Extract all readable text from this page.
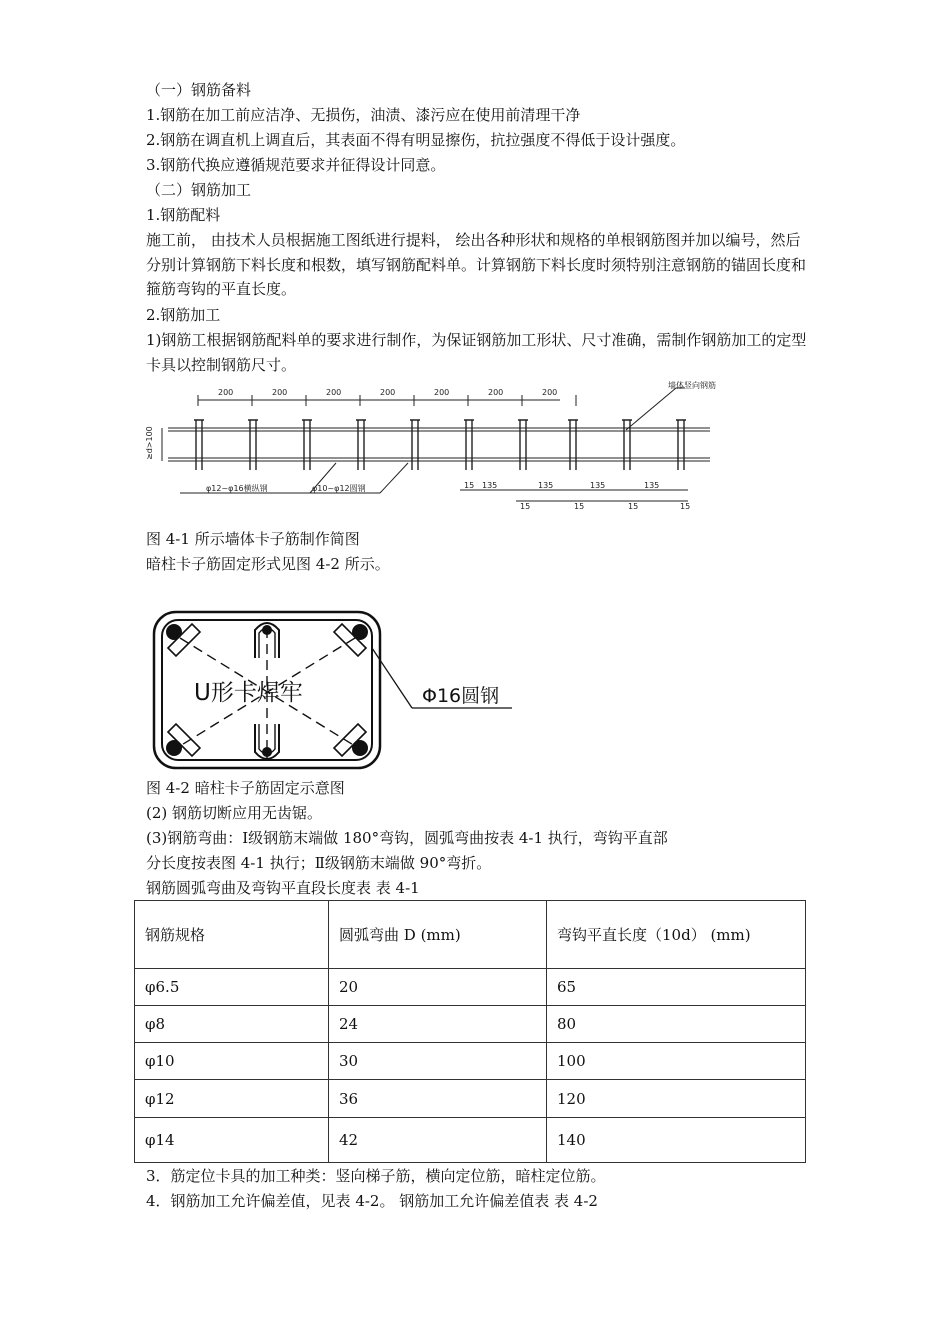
（一）钢筋备料
1.钢筋在加工前应洁净、无损伤，油渍、漆污应在使用前清理干净
2.钢筋在调直机上调直后，其表面不得有明显擦伤，抗拉强度不得低于设计强度。
3.钢筋代换应遵循规范要求并征得设计同意。
（二）钢筋加工
1.钢筋配料
施工前， 由技术人员根据施工图纸进行提料， 绘出各种形状和规格的单根钢筋图并加以编号，然后分别计算钢筋下料长度和根数，填写钢筋配料单。计算钢筋下料长度时须特别注意钢筋的锚固长度和箍筋弯钩的平直长度。
2.钢筋加工
1)钢筋工根据钢筋配料单的要求进行制作，为保证钢筋加工形状、尺寸准确，需制作钢筋加工的定型卡具以控制钢筋尺寸。
200	200	200	200	200	200	200
墙体竖向钢筋
≥d>100
φ12~φ16横纵钢	φ10~φ12圆钢	15 135	135	135	135
15	15	15	15
图 4-1 所示墙体卡子筋制作简图
暗柱卡子筋固定形式见图 4-2 所示。
U形卡焊牢	Φ16圆钢
图 4-2 暗柱卡子筋固定示意图
(2) 钢筋切断应用无齿锯。
(3)钢筋弯曲：Ⅰ级钢筋末端做 180°弯钩，圆弧弯曲按表 4-1 执行，弯钩平直部
分长度按表图 4-1 执行；Ⅱ级钢筋末端做 90°弯折。
钢筋圆弧弯曲及弯钩平直段长度表 表 4-1
钢筋规格	圆弧弯曲 D (mm)	弯钩平直长度（10d） (mm)
φ6.5	20	65
φ8	24	80
φ10	30	100
φ12	36	120
φ14	42	140
3．筋定位卡具的加工种类：竖向梯子筋，横向定位筋，暗柱定位筋。
4．钢筋加工允许偏差值，见表 4-2。 钢筋加工允许偏差值表 表 4-2
